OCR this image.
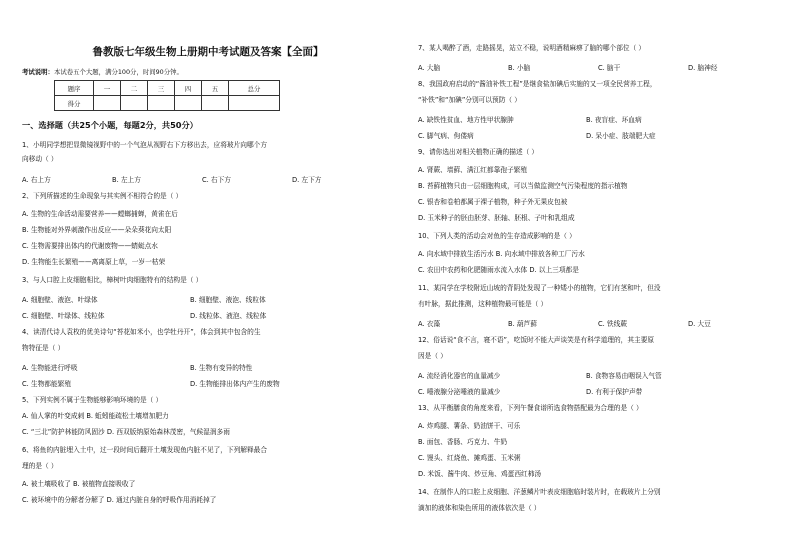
鲁教版七年级生物上册期中考试题及答案【全面】
考试说明：本试卷五个大题，满分100分，时间90分钟。
题序	一	二	三	四	五	总分
得分						
一、选择题（共25个小题，每题2分，共50分）
1、小明同学想把显微镜视野中的一个气泡从视野右下方移出去，应将玻片向哪个方
向移动（ ）
A. 右上方	B. 左上方	C. 右下方	D. 左下方
2、下列所描述的生命现象与其实例不相符合的是（ ）
A. 生物的生命活动需要营养——螳螂捕蝉，黄雀在后
B. 生物能对外界刺激作出反应——朵朵葵花向太阳
C. 生物需要排出体内的代谢废物——蜻蜓点水
D. 生物能生长繁殖——离离原上草，一岁一枯荣
3、与人口腔上皮细胞相比，樟树叶肉细胞特有的结构是（ ）
A. 细胞壁、液泡、叶绿体	B. 细胞壁、液泡、线粒体
C. 细胞壁、叶绿体、线粒体	D. 线粒体、液泡、线粒体
4、读清代诗人袁枚的优美诗句“苔花如米小，也学牡丹开”，体会到其中包含的生
物特征是（ ）
A. 生物能进行呼吸	B. 生物有变异的特性
C. 生物都能繁殖	D. 生物能排出体内产生的废物
5、下列实例不属于生物能够影响环境的是（ ）
A. 仙人掌的叶变成刺 B. 蚯蚓能疏松土壤增加肥力
C. “三北”防护林能防风固沙 D. 西双版纳原始森林茂密，气候湿润多雨
6、将鱼的内脏埋入土中，过一段时间后翻开土壤发现鱼内脏不见了，下列解释最合
理的是（ ）
A. 被土壤吸收了 B. 被植物直接吸收了
C. 被环境中的分解者分解了 D. 通过内脏自身的呼吸作用消耗掉了
7、某人喝醉了酒，走路摇晃，站立不稳，说明酒精麻痹了脑的哪个部位（ ）
A. 大脑	B. 小脑	C. 脑干	D. 脑神经
8、我国政府启动的“酱油补铁工程”是继食盐加碘后实施的又一项全民营养工程，
“补铁”和“加碘”分别可以预防（ ）
A. 缺铁性贫血、地方性甲状腺肿	B. 夜盲症、坏血病
C. 脚气病、佝偻病	D. 呆小症、肢端肥大症
9、请你选出对相关植物正确的描述（ ）
A. 肾蕨、墙藓、满江红都靠孢子繁殖
B. 苔藓植物只由一层细胞构成，可以当做监测空气污染程度的指示植物
C. 银杏和卷柏都属于裸子植物，种子外无果皮包被
D. 玉米种子的胚由胚芽、胚轴、胚根、子叶和乳组成
10、下列人类的活动会对鱼的生存造成影响的是（ ）
A. 向水域中排放生活污水 B. 向水域中排放各种工厂污水
C. 农田中农药和化肥随雨水流入水体 D. 以上三项都是
11、某同学在学校附近山坡的背阴处发现了一种矮小的植物，它们有茎和叶，但没
有叶脉，据此推测，这种植物最可能是（ ）
A. 衣藻	B. 葫芦藓	C. 铁线蕨	D. 大豆
12、俗话说“食不言，寝不语”，吃饭时不能大声谈笑是有科学道理的，其主要原
因是（ ）
A. 流经消化器官的血量减少	B. 食物容易由咽误入气管
C. 唾液腺分泌唾液的量减少	D. 有利于保护声带
13、从平衡膳食的角度来看，下列午餐食谱所选食物搭配最为合理的是（ ）
A. 炸鸡腿、薯条、奶油饼干、可乐
B. 面包、香肠、巧克力、牛奶
C. 馒头、红烧鱼、摊鸡蛋、玉米粥
D. 米饭、酱牛肉、炒豆角、鸡蛋西红柿汤
14、在制作人的口腔上皮细胞、洋葱鳞片叶表皮细胞临时装片时，在载玻片上分别
滴加的液体和染色所用的液体依次是（ ）
